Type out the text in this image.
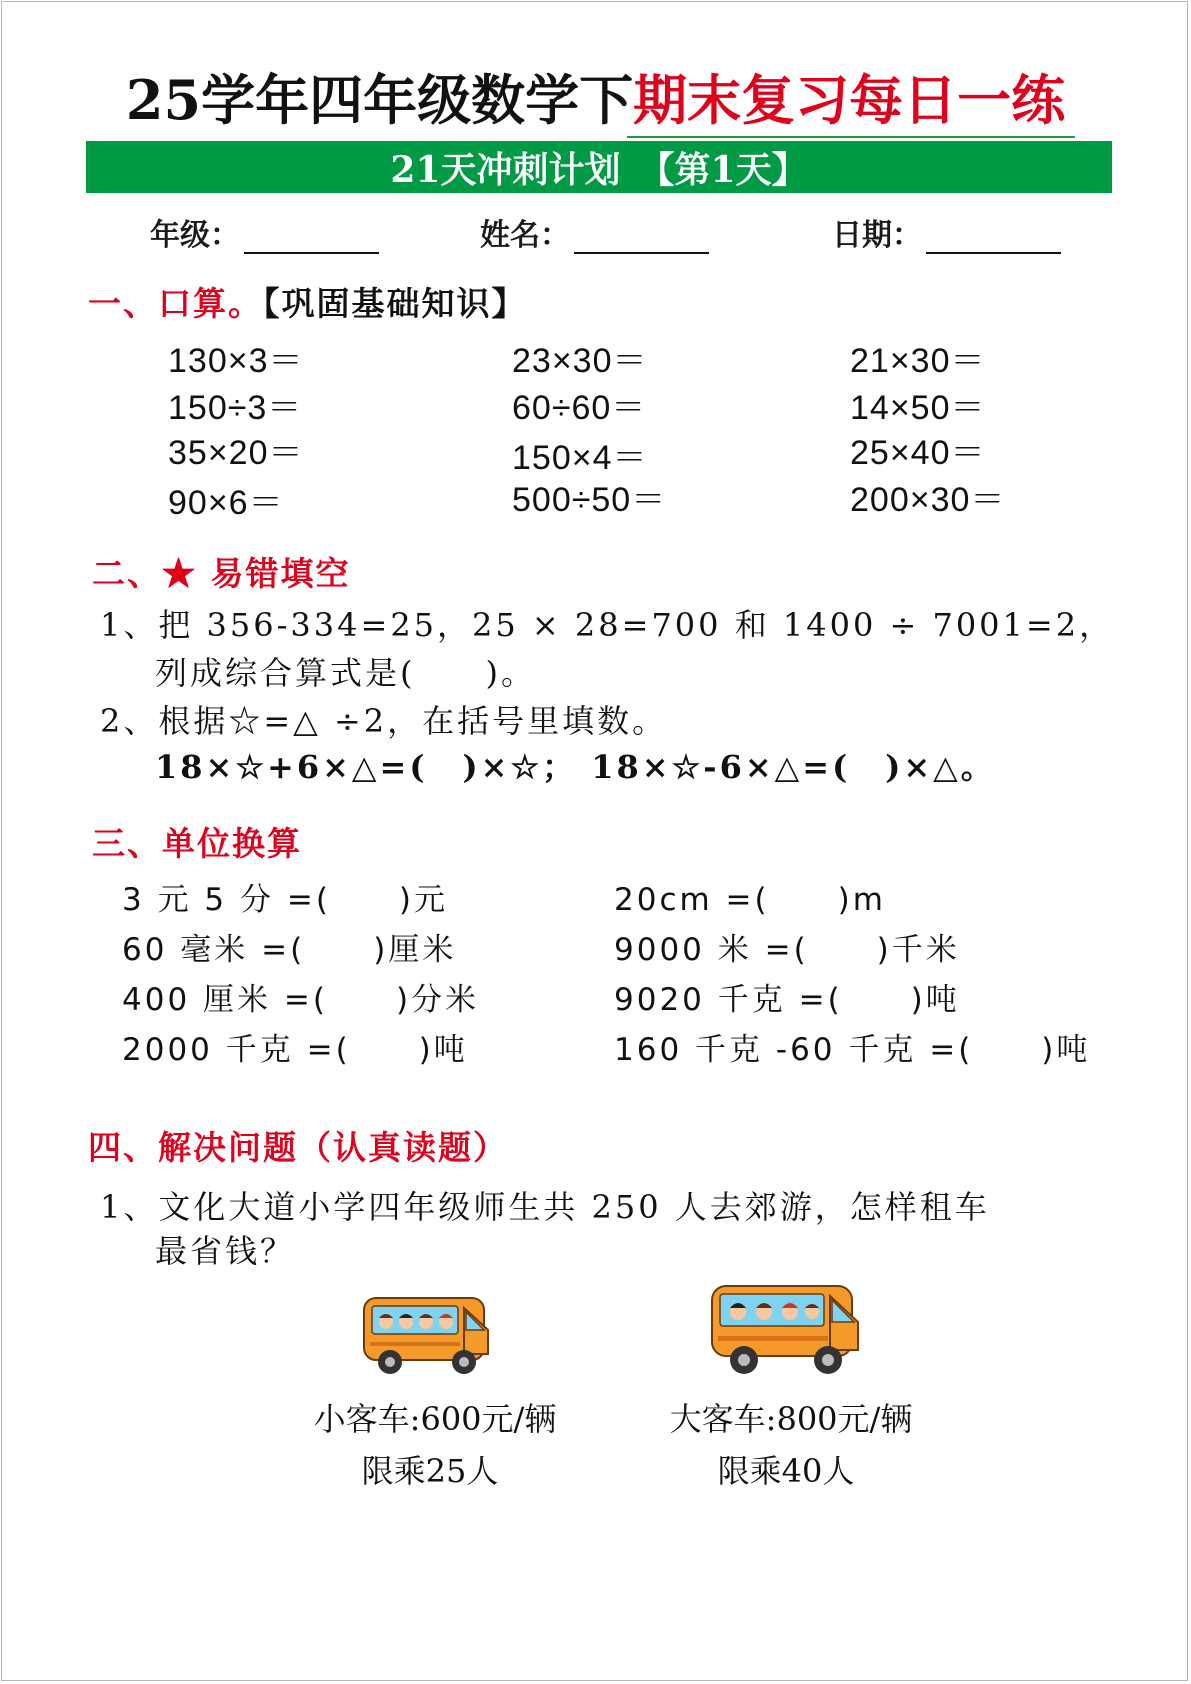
25学年四年级数学下期末复习每日一练
21天冲刺计划　【第1天】
年级：	姓名：	日期：
一、口算。【巩固基础知识】
130×3＝
150÷3＝
35×20＝
90×6＝
23×30＝
60÷60＝
150×4＝
500÷50＝
21×30＝
14×50＝
25×40＝
200×30＝
二、★ 易错填空
1、把 356-334=25，25 × 28=700 和 1400 ÷ 7001=2，
列成综合算式是(　　)。
2、根据☆=△ ÷2，在括号里填数。
18×☆+6×△=(　)×☆； 18×☆-6×△=(　)×△。
三、单位换算
3 元 5 分 =(　　)元
60 毫米 =(　　)厘米
400 厘米 =(　　)分米
2000 千克 =(　　)吨
20cm =(　　)m
9000 米 =(　　)千米
9020 千克 =(　　)吨
160 千克 -60 千克 =(　　)吨
四、解决问题（认真读题）
1、文化大道小学四年级师生共 250 人去郊游，怎样租车
最省钱？
小客车:600元/辆
限乘25人
大客车:800元/辆
限乘40人
